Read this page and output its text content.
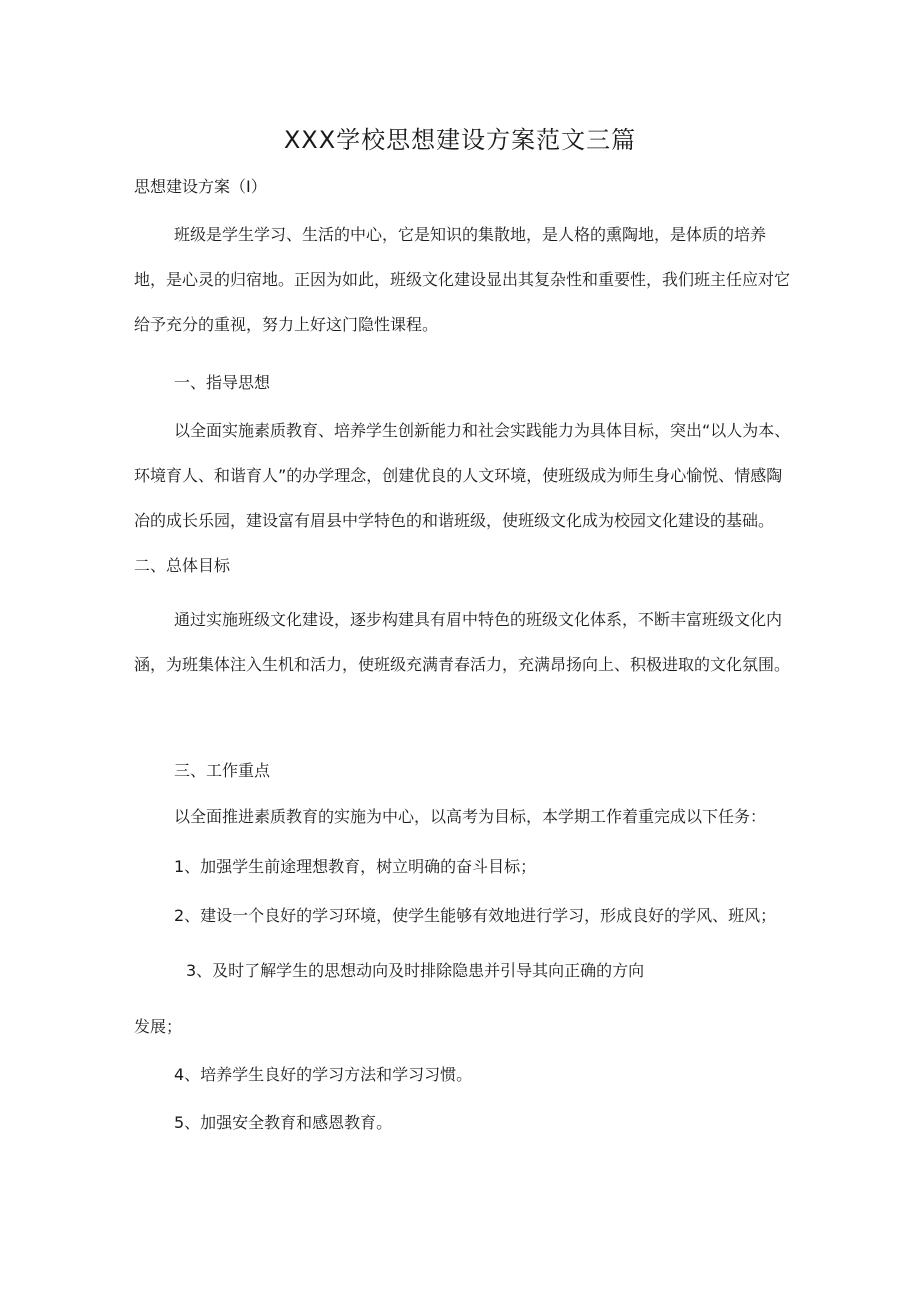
XXX学校思想建设方案范文三篇
思想建设方案（I）

班级是学生学习、生活的中心，它是知识的集散地，是人格的熏陶地，是体质的培养地，是心灵的归宿地。正因为如此，班级文化建设显出其复杂性和重要性，我们班主任应对它给予充分的重视，努力上好这门隐性课程。

一、指导思想

以全面实施素质教育、培养学生创新能力和社会实践能力为具体目标，突出“以人为本、环境育人、和谐育人”的办学理念，创建优良的人文环境，使班级成为师生身心愉悦、情感陶冶的成长乐园，建设富有眉县中学特色的和谐班级，使班级文化成为校园文化建设的基础。二、总体目标

通过实施班级文化建设，逐步构建具有眉中特色的班级文化体系，不断丰富班级文化内涵，为班集体注入生机和活力，使班级充满青春活力，充满昂扬向上、积极进取的文化氛围。

三、工作重点
以全面推进素质教育的实施为中心，以高考为目标，本学期工作着重完成以下任务：
1、加强学生前途理想教育，树立明确的奋斗目标；
2、建设一个良好的学习环境，使学生能够有效地进行学习，形成良好的学风、班风；
3、及时了解学生的思想动向及时排除隐患并引导其向正确的方向
发展；
4、培养学生良好的学习方法和学习习惯。
5、加强安全教育和感恩教育。
